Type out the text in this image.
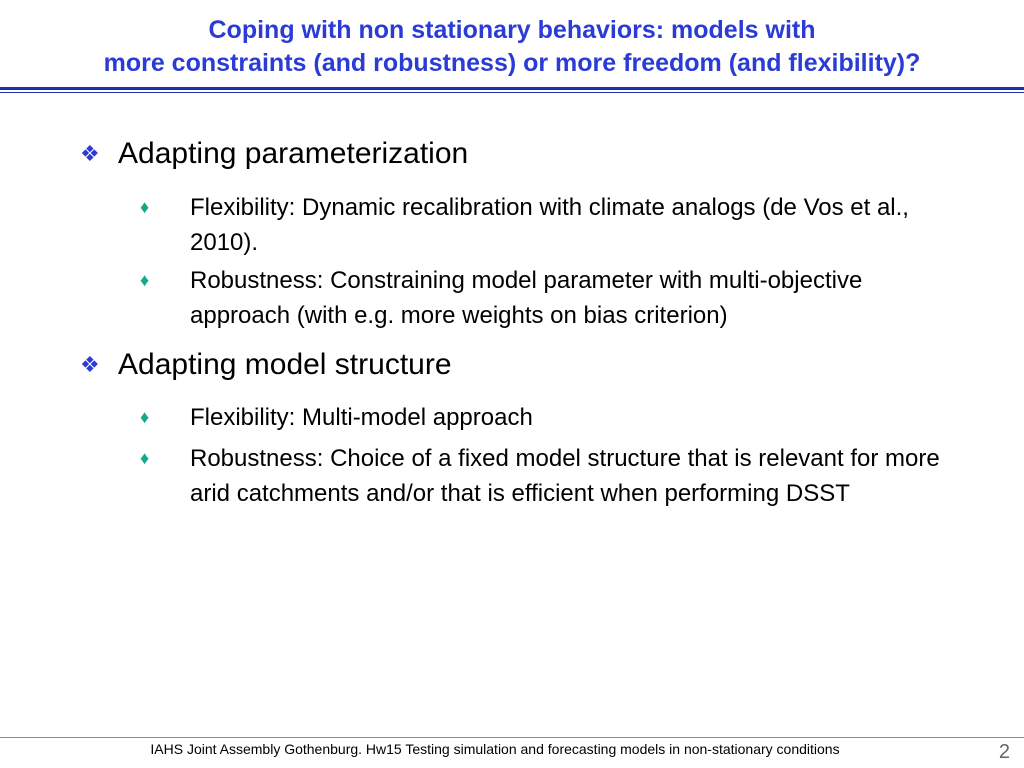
Coping with non stationary behaviors: models with
more constraints (and robustness) or more freedom (and flexibility)?
❖ Adapting parameterization
♦ Flexibility: Dynamic recalibration with climate analogs (de Vos et al., 2010).
♦ Robustness: Constraining model parameter with multi-objective approach (with e.g. more weights on bias criterion)
❖ Adapting model structure
♦ Flexibility: Multi-model approach
♦ Robustness: Choice of a fixed model structure that is relevant for more arid catchments and/or that is efficient when performing DSST
IAHS Joint Assembly Gothenburg. Hw15 Testing simulation and forecasting models in non-stationary conditions	2
